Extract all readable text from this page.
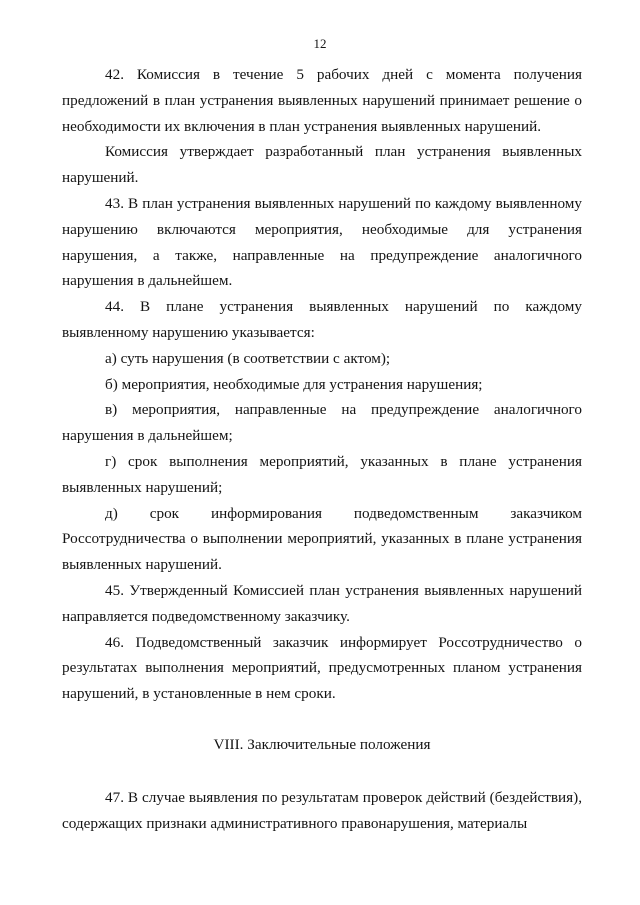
12

42. Комиссия в течение 5 рабочих дней с момента получения предложений в план устранения выявленных нарушений принимает решение о необходимости их включения в план устранения выявленных нарушений.

Комиссия утверждает разработанный план устранения выявленных нарушений.

43. В план устранения выявленных нарушений по каждому выявленному нарушению включаются мероприятия, необходимые для устранения нарушения, а также, направленные на предупреждение аналогичного нарушения в дальнейшем.

44. В плане устранения выявленных нарушений по каждому выявленному нарушению указывается:

а) суть нарушения (в соответствии с актом);

б) мероприятия, необходимые для устранения нарушения;

в) мероприятия, направленные на предупреждение аналогичного нарушения в дальнейшем;

г) срок выполнения мероприятий, указанных в плане устранения выявленных нарушений;

д) срок информирования подведомственным заказчиком Россотрудничества о выполнении мероприятий, указанных в плане устранения выявленных нарушений.

45. Утвержденный Комиссией план устранения выявленных нарушений направляется подведомственному заказчику.

46. Подведомственный заказчик информирует Россотрудничество о результатах выполнения мероприятий, предусмотренных планом устранения нарушений, в установленные в нем сроки.

VIII. Заключительные положения

47. В случае выявления по результатам проверок действий (бездействия), содержащих признаки административного правонарушения, материалы
